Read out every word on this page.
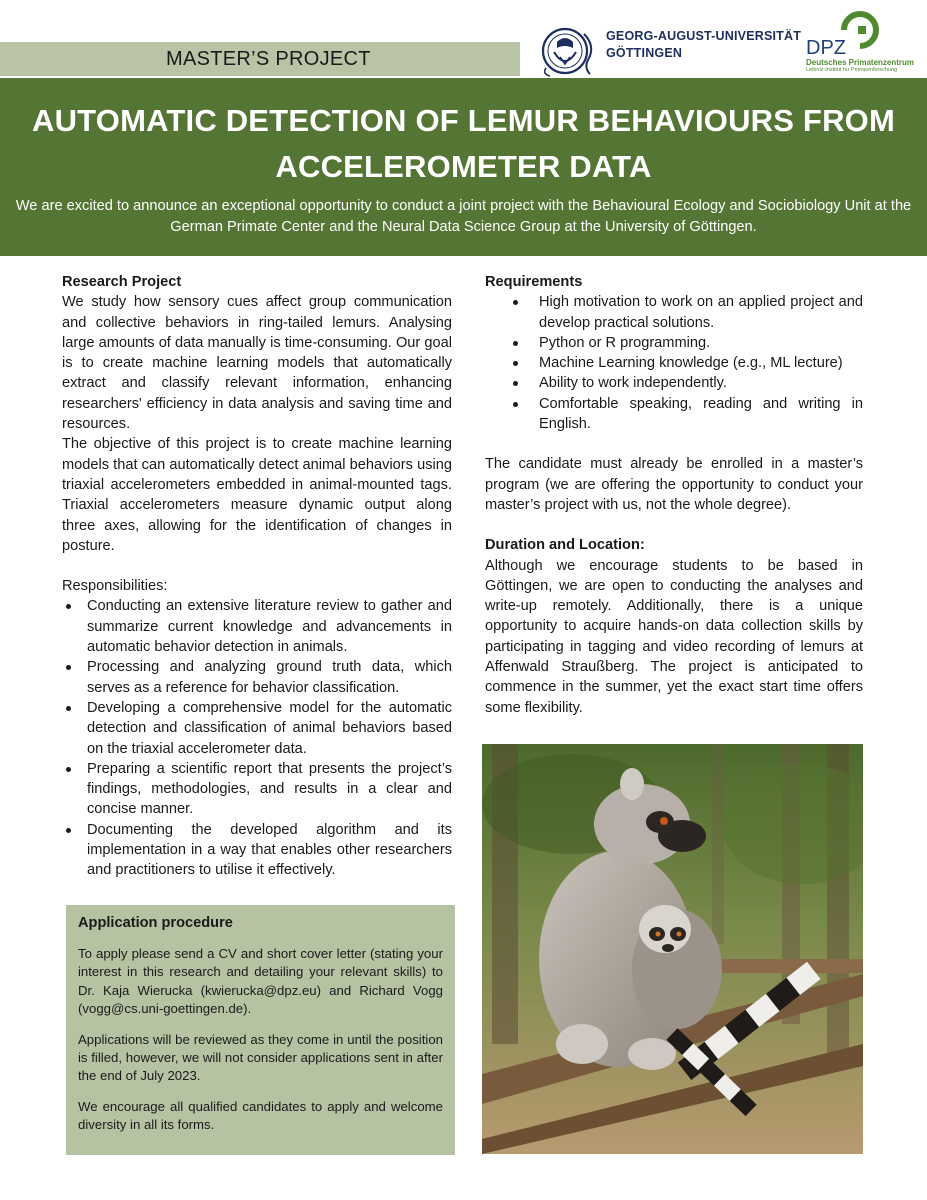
MASTER’S PROJECT
GEORG-AUGUST-UNIVERSITÄT
GÖTTINGEN	DPZ
Deutsches Primatenzentrum
Leibniz-Institut für Primatenforschung
AUTOMATIC DETECTION OF LEMUR BEHAVIOURS FROM ACCELEROMETER DATA

We are excited to announce an exceptional opportunity to conduct a joint project with the Behavioural Ecology and Sociobiology Unit at the German Primate Center and the Neural Data Science Group at the University of Göttingen.

Research Project
We study how sensory cues affect group communication and collective behaviors in ring-tailed lemurs. Analysing large amounts of data manually is time-consuming. Our goal is to create machine learning models that automatically extract and classify relevant information, enhancing researchers' efficiency in data analysis and saving time and resources.
The objective of this project is to create machine learning models that can automatically detect animal behaviors using triaxial accelerometers embedded in animal-mounted tags. Triaxial accelerometers measure dynamic output along three axes, allowing for the identification of changes in posture.
Responsibilities:
Conducting an extensive literature review to gather and summarize current knowledge and advancements in automatic behavior detection in animals.
Processing and analyzing ground truth data, which serves as a reference for behavior classification.
Developing a comprehensive model for the automatic detection and classification of animal behaviors based on the triaxial accelerometer data.
Preparing a scientific report that presents the project’s findings, methodologies, and results in a clear and concise manner.
Documenting the developed algorithm and its implementation in a way that enables other researchers and practitioners to utilise it effectively.
Requirements
High motivation to work on an applied project and develop practical solutions.
Python or R programming.
Machine Learning knowledge (e.g., ML lecture)
Ability to work independently.
Comfortable speaking, reading and writing in English.
The candidate must already be enrolled in a master’s program (we are offering the opportunity to conduct your master’s project with us, not the whole degree).
Duration and Location:
Although we encourage students to be based in Göttingen, we are open to conducting the analyses and write-up remotely. Additionally, there is a unique opportunity to acquire hands-on data collection skills by participating in tagging and video recording of lemurs at Affenwald Straußberg. The project is anticipated to commence in the summer, yet the exact start time offers some flexibility.
Application procedure

To apply please send a CV and short cover letter (stating your interest in this research and detailing your relevant skills) to Dr. Kaja Wierucka (kwierucka@dpz.eu) and Richard Vogg (vogg@cs.uni-goettingen.de).

Applications will be reviewed as they come in until the position is filled, however, we will not consider applications sent in after the end of July 2023.

We encourage all qualified candidates to apply and welcome diversity in all its forms.
